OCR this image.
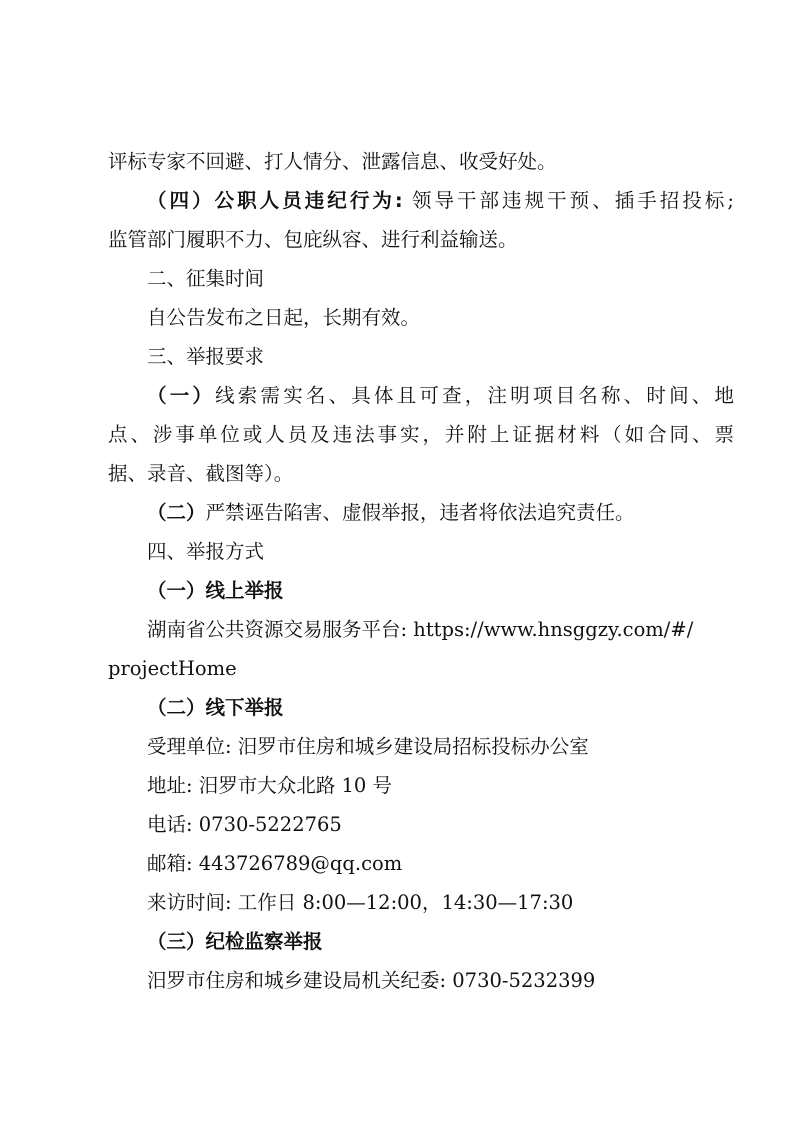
评标专家不回避、打人情分、泄露信息、收受好处。
（四）公职人员违纪行为: 领导干部违规干预、插手招投标;
监管部门履职不力、包庇纵容、进行利益输送。
二、征集时间
自公告发布之日起，长期有效。
三、举报要求
（一）线索需实名、具体且可查，注明项目名称、时间、地
点、涉事单位或人员及违法事实，并附上证据材料（如合同、票
据、录音、截图等）。
（二）严禁诬告陷害、虚假举报，违者将依法追究责任。
四、举报方式
（一）线上举报
湖南省公共资源交易服务平台: https://www.hnsggzy.com/#/
projectHome
（二）线下举报
受理单位: 汨罗市住房和城乡建设局招标投标办公室
地址: 汨罗市大众北路 10 号
电话: 0730-5222765
邮箱: 443726789@qq.com
来访时间: 工作日 8:00—12:00，14:30—17:30
（三）纪检监察举报
汨罗市住房和城乡建设局机关纪委: 0730-5232399
